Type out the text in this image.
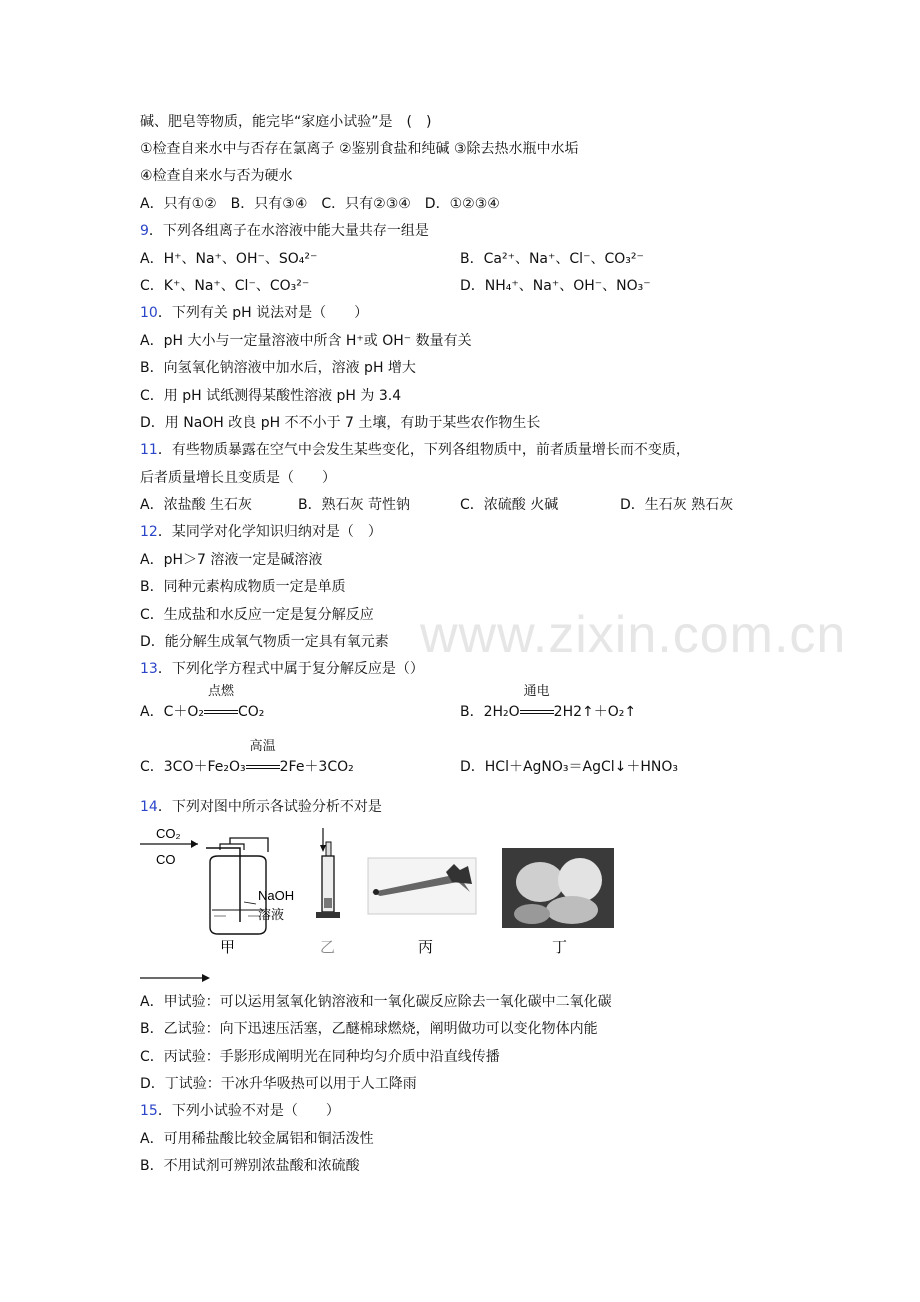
www.zixin.com.cn
碱、肥皂等物质，能完毕“家庭小试验”是　(　)
①检查自来水中与否存在氯离子 ②鉴别食盐和纯碱 ③除去热水瓶中水垢
④检查自来水与否为硬水
A．只有①②　B．只有③④　C．只有②③④　D．①②③④
9．下列各组离子在水溶液中能大量共存一组是
A．H⁺、Na⁺、OH⁻、SO₄²⁻	B．Ca²⁺、Na⁺、Cl⁻、CO₃²⁻
C．K⁺、Na⁺、Cl⁻、CO₃²⁻	D．NH₄⁺、Na⁺、OH⁻、NO₃⁻
10．下列有关 pH 说法对是（　　）
A．pH 大小与一定量溶液中所含 H⁺或 OH⁻ 数量有关
B．向氢氧化钠溶液中加水后，溶液 pH 增大
C．用 pH 试纸测得某酸性溶液 pH 为 3.4
D．用 NaOH 改良 pH 不不小于 7 土壤，有助于某些农作物生长
11．有些物质暴露在空气中会发生某些变化，下列各组物质中，前者质量增长而不变质，
后者质量增长且变质是（　　）
A．浓盐酸 生石灰	B．熟石灰 苛性钠	C．浓硫酸 火碱	D．生石灰 熟石灰
12．某同学对化学知识归纳对是（　）
A．pH＞7 溶液一定是碱溶液
B．同种元素构成物质一定是单质
C．生成盐和水反应一定是复分解反应
D．能分解生成氧气物质一定具有氧元素
13．下列化学方程式中属于复分解反应是（）
A．C＋O₂
点燃
CO₂	B．2H₂O
通电
2H2↑＋O₂↑
C．3CO＋Fe₂O₃
高温
2Fe＋3CO₂	D．HCl＋AgNO₃＝AgCl↓＋HNO₃
14．下列对图中所示各试验分析不对是
CO₂
CO
NaOH
溶液
甲	乙	丙	丁
A．甲试验：可以运用氢氧化钠溶液和一氧化碳反应除去一氧化碳中二氧化碳
B．乙试验：向下迅速压活塞，乙醚棉球燃烧，阐明做功可以变化物体内能
C．丙试验：手影形成阐明光在同种均匀介质中沿直线传播
D．丁试验：干冰升华吸热可以用于人工降雨
15．下列小试验不对是（　　）
A．可用稀盐酸比较金属铝和铜活泼性
B．不用试剂可辨别浓盐酸和浓硫酸
